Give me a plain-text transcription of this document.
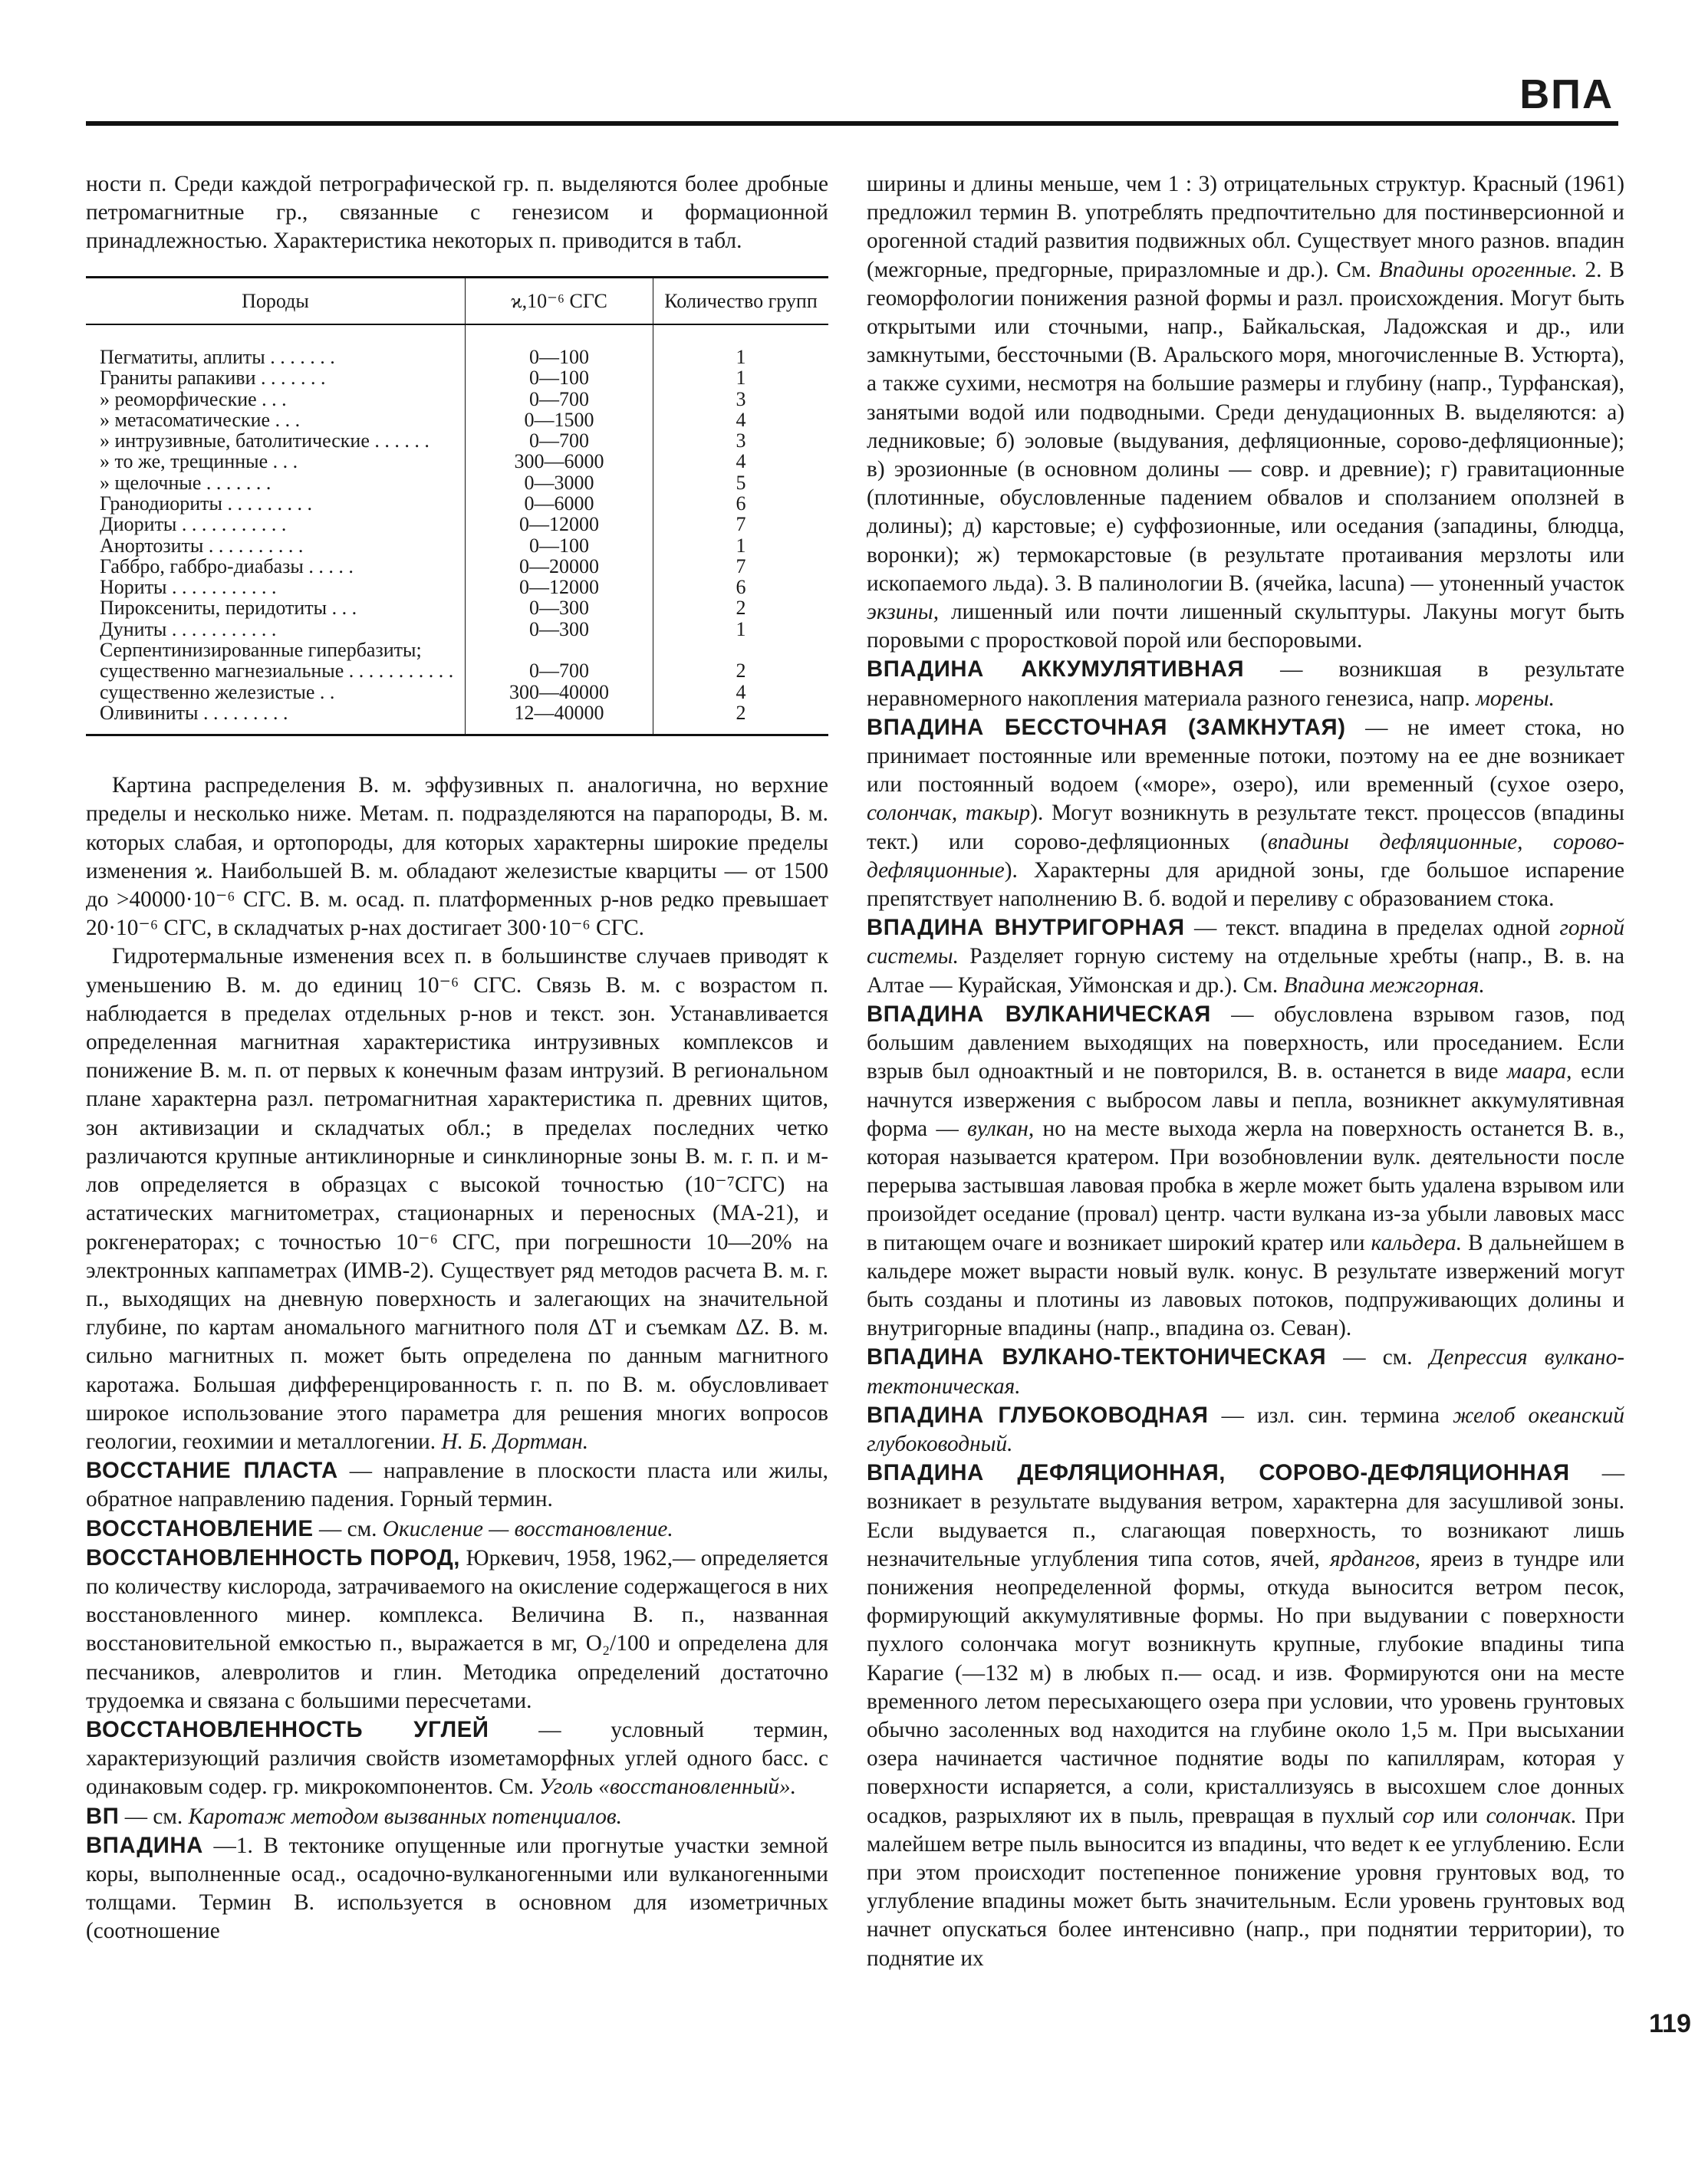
ВПА

ности п. Среди каждой петрографической гр. п. выделяются более дробные петромагнитные гр., связанные с генезисом и формационной принадлежностью. Характеристика некоторых п. приводится в табл.

Породы	ϰ,10⁻⁶ СГС	Количество групп
Пегматиты, аплиты . . . . . . .	0—100	1
Граниты рапакиви . . . . . . .	0—100	1
» реоморфические . . .	0—700	3
» метасоматические . . .	0—1500	4
» интрузивные, батолитические . . . . . .	0—700	3
» то же, трещинные . . .	300—6000	4
» щелочные . . . . . . .	0—3000	5
Гранодиориты . . . . . . . . .	0—6000	6
Диориты . . . . . . . . . . .	0—12000	7
Анортозиты . . . . . . . . . .	0—100	1
Габбро, габбро-диабазы . . . . .	0—20000	7
Нориты . . . . . . . . . . .	0—12000	6
Пироксениты, перидотиты . . .	0—300	2
Дуниты . . . . . . . . . . .	0—300	1
Серпентинизированные гипербазиты;		
существенно магнезиальные . . . . . . . . . . .	0—700	2
существенно железистые . .	300—40000	4
Оливиниты . . . . . . . . .	12—40000	2

Картина распределения В. м. эффузивных п. аналогична, но верхние пределы и несколько ниже. Метам. п. подразделяются на парапороды, В. м. которых слабая, и ортопороды, для которых характерны широкие пределы изменения ϰ. Наибольшей В. м. обладают железистые кварциты — от 1500 до >40000·10⁻⁶ СГС. В. м. осад. п. платформенных р-нов редко превышает 20·10⁻⁶ СГС, в складчатых р-нах достигает 300·10⁻⁶ СГС.

Гидротермальные изменения всех п. в большинстве случаев приводят к уменьшению В. м. до единиц 10⁻⁶ СГС. Связь В. м. с возрастом п. наблюдается в пределах отдельных р-нов и текст. зон. Устанавливается определенная магнитная характеристика интрузивных комплексов и понижение В. м. п. от первых к конечным фазам интрузий. В региональном плане характерна разл. петромагнитная характеристика п. древних щитов, зон активизации и складчатых обл.; в пределах последних четко различаются крупные антиклинорные и синклинорные зоны В. м. г. п. и м-лов определяется в образцах с высокой точностью (10⁻⁷СГС) на астатических магнитометрах, стационарных и переносных (МА-21), и рокгенераторах; с точностью 10⁻⁶ СГС, при погрешности 10—20% на электронных каппаметрах (ИМВ-2). Существует ряд методов расчета В. м. г. п., выходящих на дневную поверхность и залегающих на значительной глубине, по картам аномального магнитного поля ΔT и съемкам ΔZ. В. м. сильно магнитных п. может быть определена по данным магнитного каротажа. Большая дифференцированность г. п. по В. м. обусловливает широкое использование этого параметра для решения многих вопросов геологии, геохимии и металлогении. Н. Б. Дортман.

ВОССТАНИЕ ПЛАСТА — направление в плоскости пласта или жилы, обратное направлению падения. Горный термин.

ВОССТАНОВЛЕНИЕ — см. Окисление — восстановление.

ВОССТАНОВЛЕННОСТЬ ПОРОД, Юркевич, 1958, 1962,— определяется по количеству кислорода, затрачиваемого на окисление содержащегося в них восстановленного минер. комплекса. Величина В. п., названная восстановительной емкостью п., выражается в мг, O₂/100 и определена для песчаников, алевролитов и глин. Методика определений достаточно трудоемка и связана с большими пересчетами.

ВОССТАНОВЛЕННОСТЬ УГЛЕЙ — условный термин, характеризующий различия свойств изометаморфных углей одного басс. с одинаковым содер. гр. микрокомпонентов. См. Уголь «восстановленный».

ВП — см. Каротаж методом вызванных потенциалов.

ВПАДИНА —1. В тектонике опущенные или прогнутые участки земной коры, выполненные осад., осадочно-вулканогенными или вулканогенными толщами. Термин В. используется в основном для изометричных (соотношение

ширины и длины меньше, чем 1 : 3) отрицательных структур. Красный (1961) предложил термин В. употреблять предпочтительно для постинверсионной и орогенной стадий развития подвижных обл. Существует много разнов. впадин (межгорные, предгорные, приразломные и др.). См. Впадины орогенные. 2. В геоморфологии понижения разной формы и разл. происхождения. Могут быть открытыми или сточными, напр., Байкальская, Ладожская и др., или замкнутыми, бессточными (В. Аральского моря, многочисленные В. Устюрта), а также сухими, несмотря на большие размеры и глубину (напр., Турфанская), занятыми водой или подводными. Среди денудационных В. выделяются: а) ледниковые; б) эоловые (выдувания, дефляционные, сорово-дефляционные); в) эрозионные (в основном долины — совр. и древние); г) гравитационные (плотинные, обусловленные падением обвалов и сползанием оползней в долины); д) карстовые; е) суффозионные, или оседания (западины, блюдца, воронки); ж) термокарстовые (в результате протаивания мерзлоты или ископаемого льда). 3. В палинологии В. (ячейка, lacuna) — утоненный участок экзины, лишенный или почти лишенный скульптуры. Лакуны могут быть поровыми с проростковой порой или беспоровыми.

ВПАДИНА АККУМУЛЯТИВНАЯ — возникшая в результате неравномерного накопления материала разного генезиса, напр. морены.

ВПАДИНА БЕССТОЧНАЯ (ЗАМКНУТАЯ) — не имеет стока, но принимает постоянные или временные потоки, поэтому на ее дне возникает или постоянный водоем («море», озеро), или временный (сухое озеро, солончак, такыр). Могут возникнуть в результате текст. процессов (впадины тект.) или сорово-дефляционных (впадины дефляционные, сорово-дефляционные). Характерны для аридной зоны, где большое испарение препятствует наполнению В. б. водой и переливу с образованием стока.

ВПАДИНА ВНУТРИГОРНАЯ — текст. впадина в пределах одной горной системы. Разделяет горную систему на отдельные хребты (напр., В. в. на Алтае — Курайская, Уймонская и др.). См. Впадина межгорная.

ВПАДИНА ВУЛКАНИЧЕСКАЯ — обусловлена взрывом газов, под большим давлением выходящих на поверхность, или проседанием. Если взрыв был одноактный и не повторился, В. в. останется в виде маара, если начнутся извержения с выбросом лавы и пепла, возникнет аккумулятивная форма — вулкан, но на месте выхода жерла на поверхность останется В. в., которая называется кратером. При возобновлении вулк. деятельности после перерыва застывшая лавовая пробка в жерле может быть удалена взрывом или произойдет оседание (провал) центр. части вулкана из-за убыли лавовых масс в питающем очаге и возникает широкий кратер или кальдера. В дальнейшем в кальдере может вырасти новый вулк. конус. В результате извержений могут быть созданы и плотины из лавовых потоков, подпруживающих долины и внутригорные впадины (напр., впадина оз. Севан).

ВПАДИНА ВУЛКАНО-ТЕКТОНИЧЕСКАЯ — см. Депрессия вулкано-тектоническая.

ВПАДИНА ГЛУБОКОВОДНАЯ — изл. син. термина желоб океанский глубоководный.

ВПАДИНА ДЕФЛЯЦИОННАЯ, СОРОВО-ДЕФЛЯЦИОННАЯ — возникает в результате выдувания ветром, характерна для засушливой зоны. Если выдувается п., слагающая поверхность, то возникают лишь незначительные углубления типа сотов, ячей, ярдангов, яреиз в тундре или понижения неопределенной формы, откуда выносится ветром песок, формирующий аккумулятивные формы. Но при выдувании с поверхности пухлого солончака могут возникнуть крупные, глубокие впадины типа Карагие (—132 м) в любых п.— осад. и изв. Формируются они на месте временного летом пересыхающего озера при условии, что уровень грунтовых обычно засоленных вод находится на глубине около 1,5 м. При высыхании озера начинается частичное поднятие воды по капиллярам, которая у поверхности испаряется, а соли, кристаллизуясь в высохшем слое донных осадков, разрыхляют их в пыль, превращая в пухлый сор или солончак. При малейшем ветре пыль выносится из впадины, что ведет к ее углублению. Если при этом происходит постепенное понижение уровня грунтовых вод, то углубление впадины может быть значительным. Если уровень грунтовых вод начнет опускаться более интенсивно (напр., при поднятии территории), то поднятие их

119
